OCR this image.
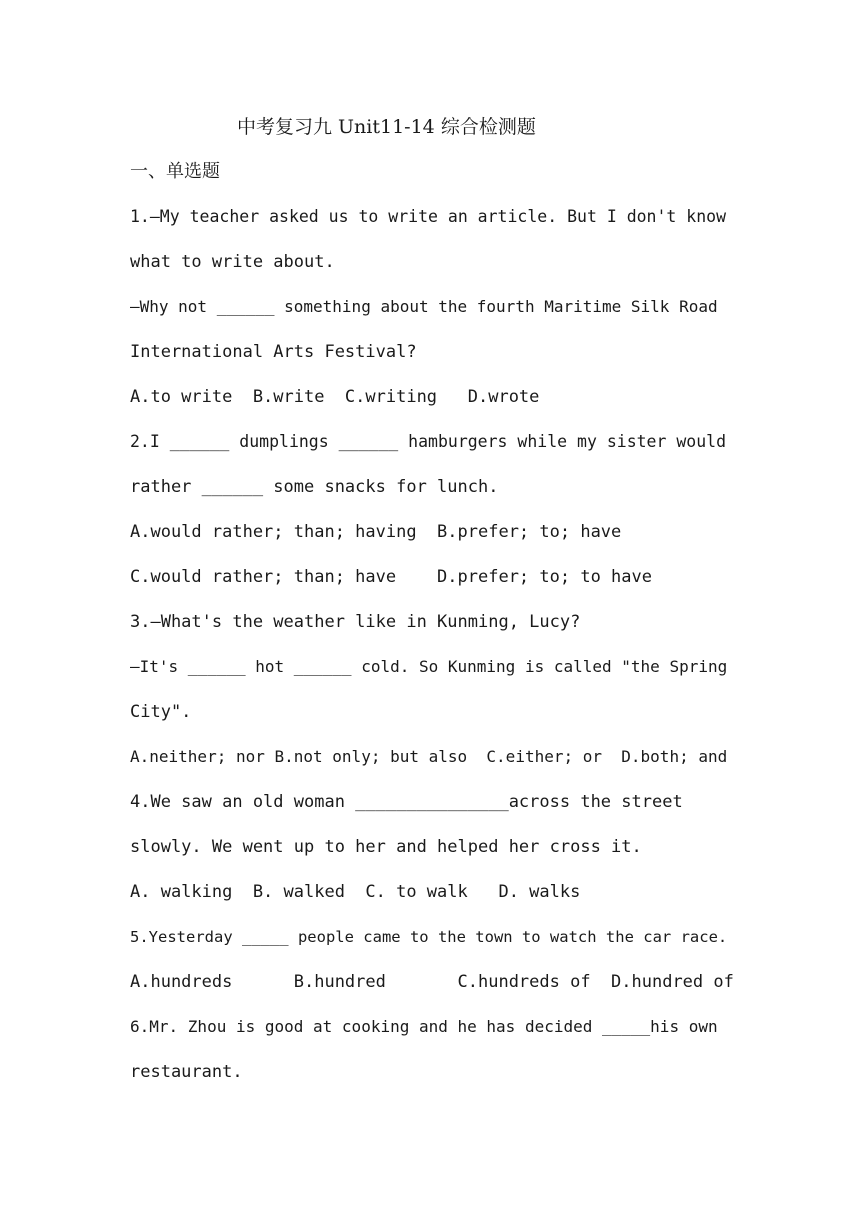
中考复习九 Unit11-14 综合检测题
一、单选题
1.—My teacher asked us to write an article. But I don't know
what to write about.
—Why not ______ something about the fourth Maritime Silk Road
International Arts Festival?
A.to write  B.write  C.writing   D.wrote
2.I ______ dumplings ______ hamburgers while my sister would
rather ______ some snacks for lunch.
A.would rather; than; having  B.prefer; to; have
C.would rather; than; have    D.prefer; to; to have
3.—What's the weather like in Kunming, Lucy?
—It's ______ hot ______ cold. So Kunming is called "the Spring
City".
A.neither; nor B.not only; but also  C.either; or  D.both; and
4.We saw an old woman _______________across the street
slowly. We went up to her and helped her cross it.
A. walking  B. walked  C. to walk   D. walks
5.Yesterday _____ people came to the town to watch the car race.
A.hundreds      B.hundred       C.hundreds of  D.hundred of
6.Mr. Zhou is good at cooking and he has decided _____his own
restaurant.
